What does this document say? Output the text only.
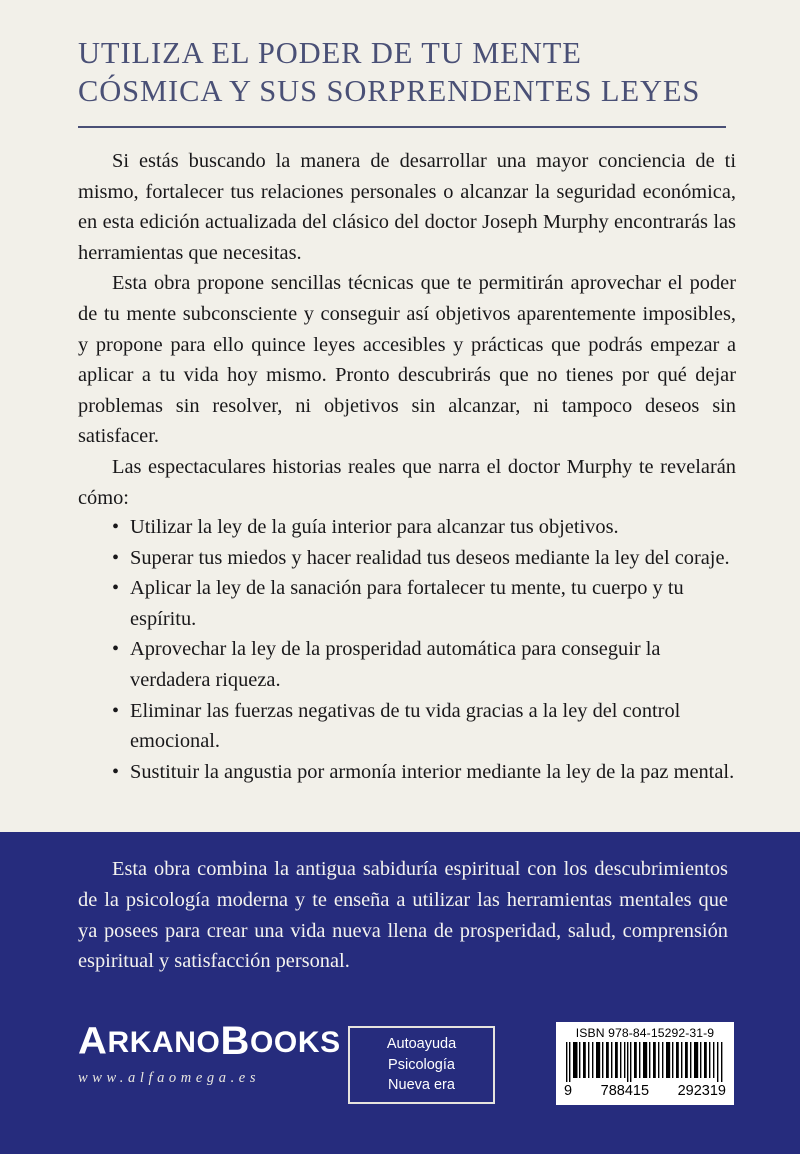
UTILIZA EL PODER DE TU MENTE
CÓSMICA Y SUS SORPRENDENTES LEYES

Si estás buscando la manera de desarrollar una mayor conciencia de ti mismo, fortalecer tus relaciones personales o alcanzar la seguridad económica, en esta edición actualizada del clásico del doctor Joseph Murphy encontrarás las herramientas que necesitas.

Esta obra propone sencillas técnicas que te permitirán aprovechar el poder de tu mente subconsciente y conseguir así objetivos aparentemente imposibles, y propone para ello quince leyes accesibles y prácticas que podrás empezar a aplicar a tu vida hoy mismo. Pronto descubrirás que no tienes por qué dejar problemas sin resolver, ni objetivos sin alcanzar, ni tampoco deseos sin satisfacer.

Las espectaculares historias reales que narra el doctor Murphy te revelarán cómo:

• Utilizar la ley de la guía interior para alcanzar tus objetivos.
• Superar tus miedos y hacer realidad tus deseos mediante la ley del coraje.
• Aplicar la ley de la sanación para fortalecer tu mente, tu cuerpo y tu espíritu.
• Aprovechar la ley de la prosperidad automática para conseguir la verdadera riqueza.
• Eliminar las fuerzas negativas de tu vida gracias a la ley del control emocional.
• Sustituir la angustia por armonía interior mediante la ley de la paz mental.

Esta obra combina la antigua sabiduría espiritual con los descubrimientos de la psicología moderna y te enseña a utilizar las herramientas mentales que ya posees para crear una vida nueva llena de prosperidad, salud, comprensión espiritual y satisfacción personal.

A RKANO B OOKS
www.alfaomega.es
Autoayuda
Psicología
Nueva era
ISBN 978-84-15292-31-9
9 788415 292319
